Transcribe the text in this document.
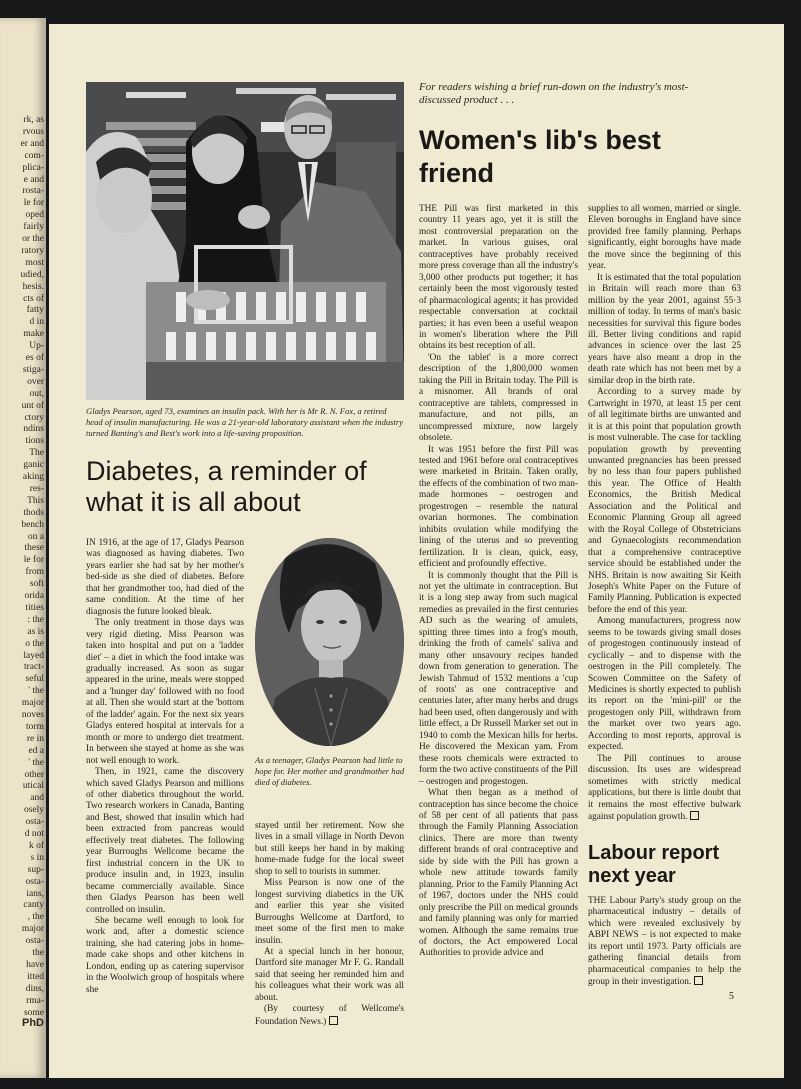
rk, as
rvous
er and
com-
plica-
e and
rosta-
le for
oped
fairly
or the
ratory
most
udied,
hesis.
cts of
fatty
d in
make
Up-
es of
stiga-
over
out,
unt of
ctory
ndins
tions
The
ganic
aking
res-
This
thods
bench
on a
these
le for
from
soft
orida
tities
: the
as is
o the
layed
tract-
seful
' the
major
noves
torm
re in
ed a
' the
other
utical
and
osely
osta-
d not
k of
s in
sup-
osta-
ians,
canty
, the
major
osta-
the
have
itted
dins,
rma-
some
PhD
Gladys Pearson, aged 73, examines an insulin pack. With her is Mr R. N. Fox, a retired head of insulin manufacturing. He was a 21-year-old laboratory assistant when the industry turned Banting's and Best's work into a life-saving proposition.
Diabetes, a reminder of what it is all about

IN 1916, at the age of 17, Gladys Pearson was diagnosed as having diabetes. Two years earlier she had sat by her mother's bed-side as she died of diabetes. Before that her grandmother too, had died of the same condition. At the time of her diagnosis the future looked bleak.

The only treatment in those days was very rigid dieting. Miss Pearson was taken into hospital and put on a 'ladder diet' – a diet in which the food intake was gradually increased. As soon as sugar appeared in the urine, meals were stopped and a 'hunger day' followed with no food at all. Then she would start at the 'bottom of the ladder' again. For the next six years Gladys entered hospital at intervals for a month or more to undergo diet treatment. In between she stayed at home as she was not well enough to work.

Then, in 1921, came the discovery which saved Gladys Pearson and millions of other diabetics throughout the world. Two research workers in Canada, Banting and Best, showed that insulin which had been extracted from pancreas would effectively treat diabetes. The following year Burroughs Wellcome became the first industrial concern in the UK to produce insulin and, in 1923, insulin became commercially available. Since then Gladys Pearson has been well controlled on insulin.

She became well enough to look for work and, after a domestic science training, she had catering jobs in home-made cake shops and other kitchens in London, ending up as catering supervisor in the Woolwich group of hospitals where she

As a teenager, Gladys Pearson had little to hope for. Her mother and grandmother had died of diabetes.

stayed until her retirement. Now she lives in a small village in North Devon but still keeps her hand in by making home-made fudge for the local sweet shop to sell to tourists in summer.

Miss Pearson is now one of the longest surviving diabetics in the UK and earlier this year she visited Burroughs Wellcome at Dartford, to meet some of the first men to make insulin.

At a special lunch in her honour, Dartford site manager Mr F. G. Randall said that seeing her reminded him and his colleagues what their work was all about.

(By courtesy of Wellcome's Foundation News.)

For readers wishing a brief run-down on the industry's most-discussed product . . .
Women's lib's best friend

THE Pill was first marketed in this country 11 years ago, yet it is still the most controversial preparation on the market. In various guises, oral contraceptives have probably received more press coverage than all the industry's 3,000 other products put together; it has certainly been the most vigorously tested of pharmacological agents; it has provided respectable conversation at cocktail parties; it has even been a useful weapon in women's liberation where the Pill obtains its best reception of all.

'On the tablet' is a more correct description of the 1,800,000 women taking the Pill in Britain today. The Pill is a misnomer. All brands of oral contraceptive are tablets, compressed in manufacture, and not pills, an uncompressed mixture, now largely obsolete.

It was 1951 before the first Pill was tested and 1961 before oral contraceptives were marketed in Britain. Taken orally, the effects of the combination of two man-made hormones – oestrogen and progestrogen – resemble the natural ovarian hormones. The combination inhibits ovulation while modifying the lining of the uterus and so preventing fertilization. It is clean, quick, easy, efficient and profoundly effective.

It is commonly thought that the Pill is not yet the ultimate in contraception. But it is a long step away from such magical remedies as prevailed in the first centuries AD such as the wearing of amulets, spitting three times into a frog's mouth, drinking the froth of camels' saliva and many other unsavoury recipes handed down from generation to generation. The Jewish Tahmud of 1532 mentions a 'cup of roots' as one contraceptive and centuries later, after many herbs and drugs had been used, often dangerously and with little effect, a Dr Russell Marker set out in 1940 to comb the Mexican hills for herbs. He discovered the Mexican yam. From these roots chemicals were extracted to form the two active constituents of the Pill – oestrogen and progestogen.

What then began as a method of contraception has since become the choice of 58 per cent of all patients that pass through the Family Planning Association clinics. There are more than twenty different brands of oral contraceptive and side by side with the Pill has grown a whole new attitude towards family planning. Prior to the Family Planning Act of 1967, doctors under the NHS could only prescribe the Pill on medical grounds and family planning was only for married women. Although the same remains true of doctors, the Act empowered Local Authorities to provide advice and

supplies to all women, married or single. Eleven boroughs in England have since provided free family planning. Perhaps significantly, eight boroughs have made the move since the beginning of this year.

It is estimated that the total population in Britain will reach more than 63 million by the year 2001, against 55·3 million of today. In terms of man's basic necessities for survival this figure bodes ill. Better living conditions and rapid advances in science over the last 25 years have also meant a drop in the death rate which has not been met by a similar drop in the birth rate.

According to a survey made by Cartwright in 1970, at least 15 per cent of all legitimate births are unwanted and it is at this point that population growth is most vulnerable. The case for tackling population growth by preventing unwanted pregnancies has been pressed by no less than four papers published this year. The Office of Health Economics, the British Medical Association and the Political and Economic Planning Group all agreed with the Royal College of Obstetricians and Gynaecologists recommendation that a comprehensive contraceptive service should be established under the NHS. Britain is now awaiting Sir Keith Joseph's White Paper on the Future of Family Planning. Publication is expected before the end of this year.

Among manufacturers, progress now seems to be towards giving small doses of progestogen continuously instead of cyclically – and to dispense with the oestrogen in the Pill completely. The Scowen Committee on the Safety of Medicines is shortly expected to publish its report on the 'mini-pill' or the progestogen only Pill, withdrawn from the market over two years ago. According to most reports, approval is expected.

The Pill continues to arouse discussion. Its uses are widespread sometimes with strictly medical applications, but there is little doubt that it remains the most effective bulwark against population growth.

Labour report next year

THE Labour Party's study group on the pharmaceutical industry – details of which were revealed exclusively by ABPI NEWS – is not expected to make its report until 1973. Party officials are gathering financial details from pharmaceutical companies to help the group in their investigation.

5
